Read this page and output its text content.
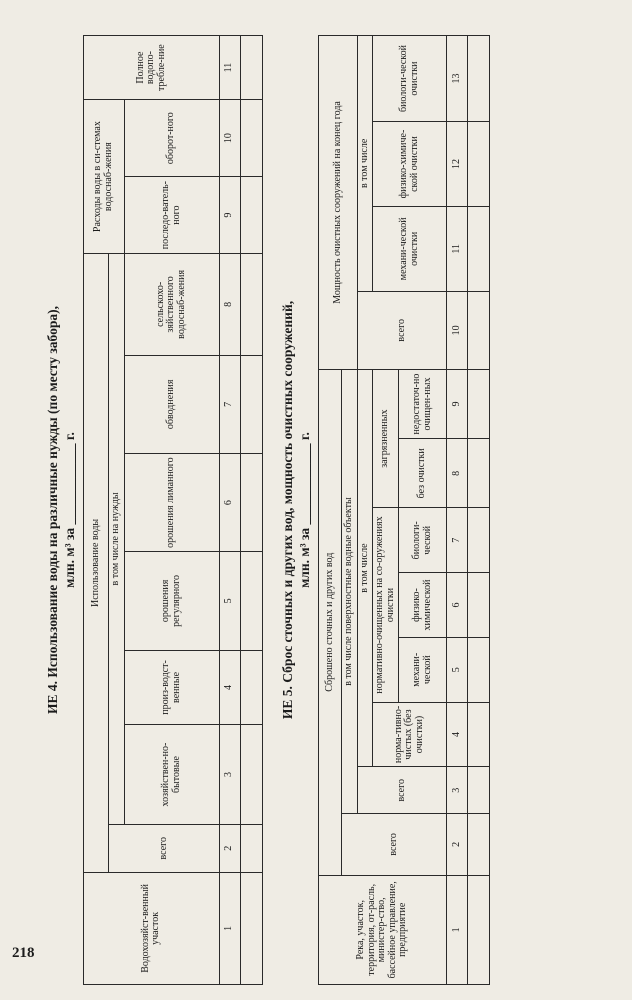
ИЕ 4. Использование воды на различные нужды (по месту забора), млн. м³ за ____________ г.
Водохозяйст-венный участок	Использование воды							Расходы воды в си-стемах водоснаб-жения		Полное водопо-требле-ние
	всего	в том числе на нужды								
		хозяйствен-но-бытовые	произ-водст-венные	орошения регулярного	орошения лиманного	обводнения	сельскохо-зяйственного водоснаб-жения	последо-ватель-ного	оборот-ного	
1	2	3	4	5	6	7	8	9	10	11

ИЕ 5. Сброс сточных и других вод, мощность очистных сооружений, млн. м³ за ____________ г.
Река, участок, территория, от-расль, министер-ство, бассейное управление, предприятие	Сброшено сточных и других вод								Мощность очистных сооружений на конец года			
	всего	в том числе поверхностные водные объекты										
		всего	в том числе						всего	в том числе		
			норма-тивно-чистых (без очистки)	нормативно-очищенных на со-оружениях очистки			загрязненных			механи-ческой очистки	физико-химиче-ской очистки	биологи-ческой очистки
				механи-ческой	физико-химической	биологи-ческой	без очистки	недостаточ-но очищен-ных				
1	2	3	4	5	6	7	8	9	10	11	12	13

218
